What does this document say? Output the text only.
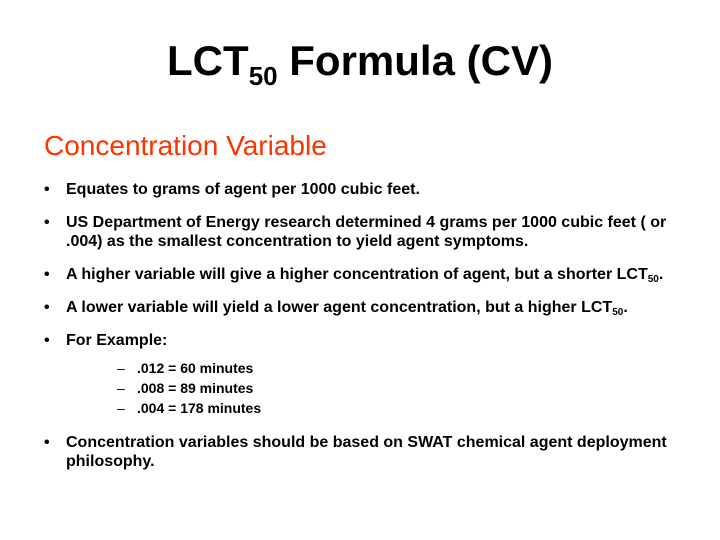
$LCT_{50}$ Formula (CV)
Concentration Variable
• Equates to grams of agent per 1000 cubic feet.
• US Department of Energy research determined 4 grams per 1000 cubic feet ( or .004) as the smallest concentration to yield agent symptoms.
• A higher variable will give a higher concentration of agent, but a shorter $LCT_{50}$.
• A lower variable will yield a lower agent concentration, but a higher $LCT_{50}$.
• For Example:
– .012 = 60 minutes
– .008 = 89 minutes
– .004 = 178 minutes
• Concentration variables should be based on SWAT chemical agent deployment philosophy.
